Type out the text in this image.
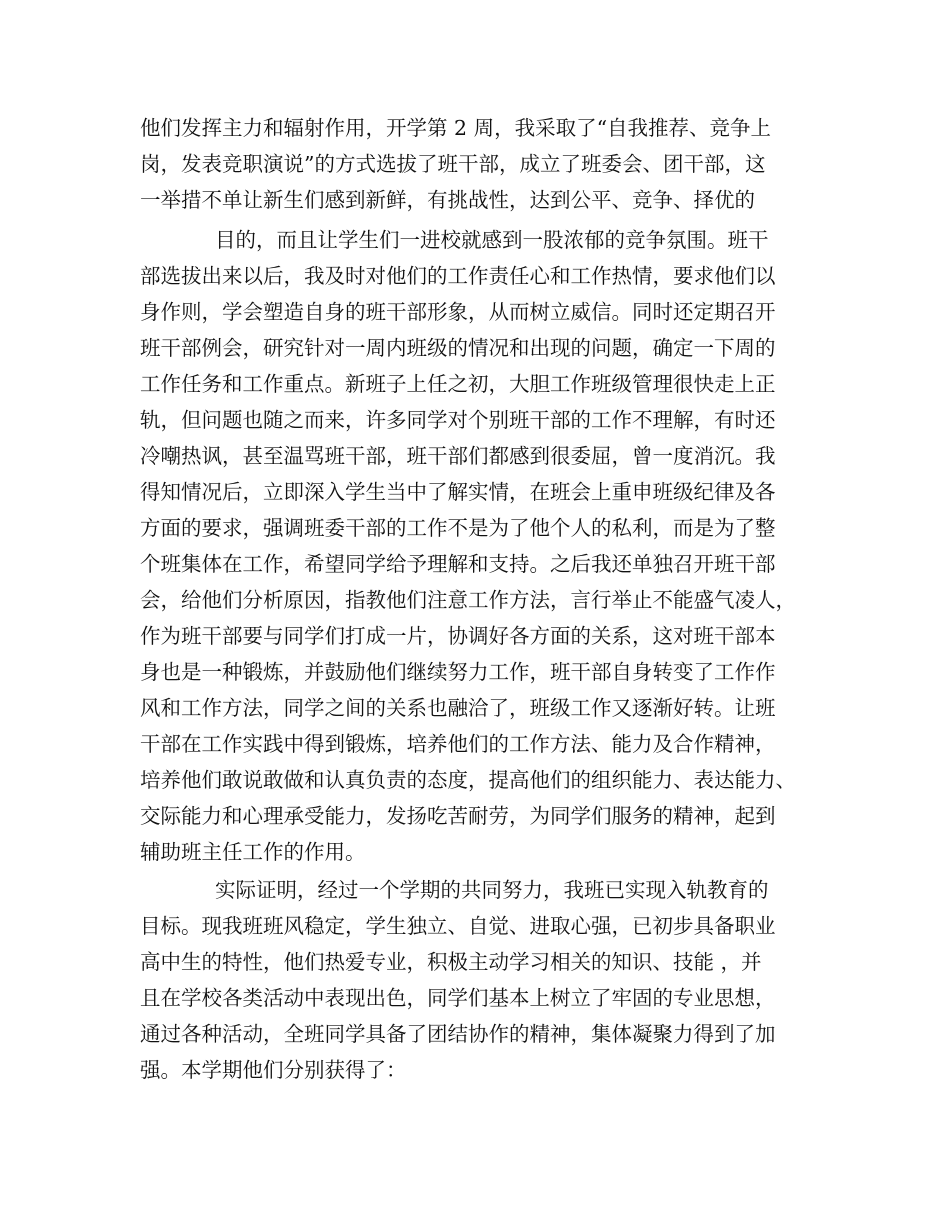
他们发挥主力和辐射作用，开学第 2 周，我采取了“自我推荐、竞争上
岗，发表竞职演说”的方式选拔了班干部，成立了班委会、团干部，这
一举措不单让新生们感到新鲜，有挑战性，达到公平、竞争、择优的
目的，而且让学生们一进校就感到一股浓郁的竞争氛围。班干
部选拔出来以后，我及时对他们的工作责任心和工作热情，要求他们以
身作则，学会塑造自身的班干部形象，从而树立威信。同时还定期召开
班干部例会，研究针对一周内班级的情况和出现的问题，确定一下周的
工作任务和工作重点。新班子上任之初，大胆工作班级管理很快走上正
轨，但问题也随之而来，许多同学对个别班干部的工作不理解，有时还
冷嘲热讽，甚至温骂班干部，班干部们都感到很委屈，曾一度消沉。我
得知情况后，立即深入学生当中了解实情，在班会上重申班级纪律及各
方面的要求，强调班委干部的工作不是为了他个人的私利，而是为了整
个班集体在工作，希望同学给予理解和支持。之后我还单独召开班干部
会，给他们分析原因，指教他们注意工作方法，言行举止不能盛气凌人，
作为班干部要与同学们打成一片，协调好各方面的关系，这对班干部本
身也是一种锻炼，并鼓励他们继续努力工作，班干部自身转变了工作作
风和工作方法，同学之间的关系也融洽了，班级工作又逐渐好转。让班
干部在工作实践中得到锻炼，培养他们的工作方法、能力及合作精神，
培养他们敢说敢做和认真负责的态度，提高他们的组织能力、表达能力、
交际能力和心理承受能力，发扬吃苦耐劳，为同学们服务的精神，起到
辅助班主任工作的作用。
实际证明，经过一个学期的共同努力，我班已实现入轨教育的
目标。现我班班风稳定，学生独立、自觉、进取心强，已初步具备职业
高中生的特性，他们热爱专业，积极主动学习相关的知识、技能 ，并
且在学校各类活动中表现出色，同学们基本上树立了牢固的专业思想，
通过各种活动，全班同学具备了团结协作的精神，集体凝聚力得到了加
强。本学期他们分别获得了：
